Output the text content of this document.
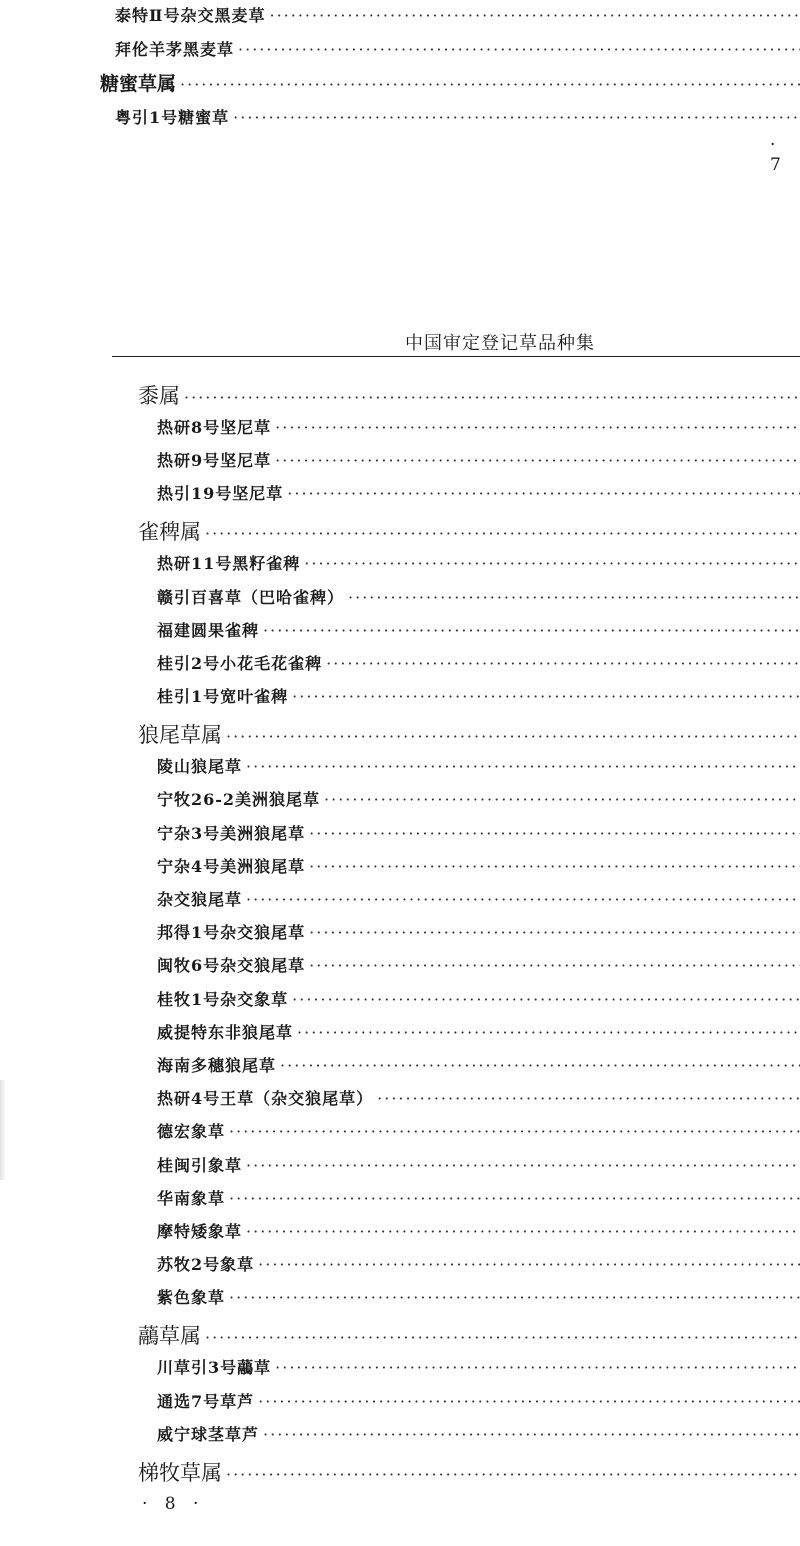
泰特Ⅱ号杂交黑麦草
·····
拜伦羊茅黑麦草
·····
糖蜜草属
·····
粤引1号糖蜜草
·····
· 7
中国审定登记草品种集
黍属
·····
热研8号坚尼草
·····
热研9号坚尼草
·····
热引19号坚尼草
·····
雀稗属
·····
热研11号黑籽雀稗
·····
赣引百喜草（巴哈雀稗）
·····
福建圆果雀稗
·····
桂引2号小花毛花雀稗
·····
桂引1号宽叶雀稗
·····
狼尾草属
·····
陵山狼尾草
·····
宁牧26-2美洲狼尾草
·····
宁杂3号美洲狼尾草
·····
宁杂4号美洲狼尾草
·····
杂交狼尾草
·····
邦得1号杂交狼尾草
·····
闽牧6号杂交狼尾草
·····
桂牧1号杂交象草
·····
威提特东非狼尾草
·····
海南多穗狼尾草
·····
热研4号王草（杂交狼尾草）
·····
德宏象草
·····
桂闽引象草
·····
华南象草
·····
摩特矮象草
·····
苏牧2号象草
·····
紫色象草
·····
虉草属
·····
川草引3号虉草
·····
通选7号草芦
·····
威宁球茎草芦
·····
梯牧草属
·····
· 8 ·
